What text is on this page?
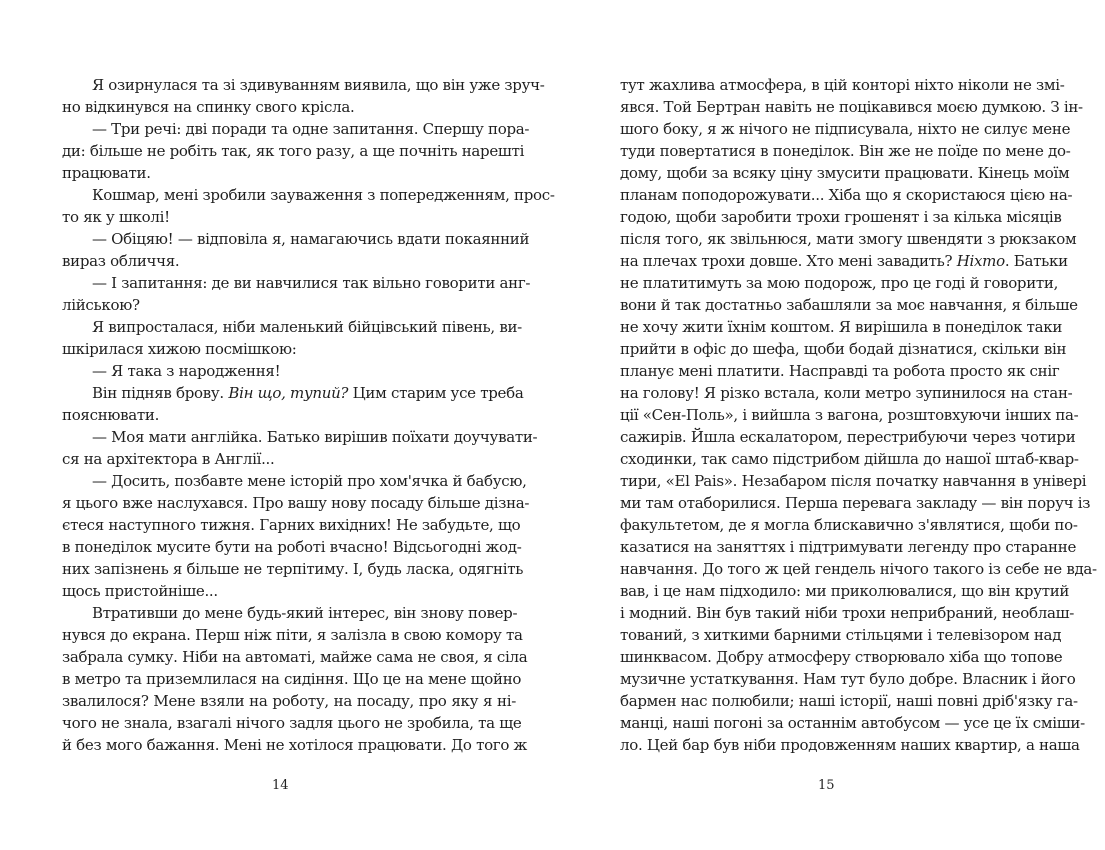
Я озирнулася та зі здивуванням виявила, що він уже зруч-
но відкинувся на спинку свого крісла.
— Три речі: дві поради та одне запитання. Спершу пора-
ди: більше не робіть так, як того разу, а ще почніть нарешті
працювати.
Кошмар, мені зробили зауваження з попередженням, прос-
то як у школі!
— Обіцяю! — відповіла я, намагаючись вдати покаянний
вираз обличчя.
— І запитання: де ви навчилися так вільно говорити анг-
лійською?
Я випросталася, ніби маленький бійцівський півень, ви-
шкірилася хижою посмішкою:
— Я така з народження!
Він підняв брову. Він що, тупий? Цим старим усе треба
пояснювати.
— Моя мати англійка. Батько вирішив поїхати доучувати-
ся на архітектора в Англії...
— Досить, позбавте мене історій про хом'ячка й бабусю,
я цього вже наслухався. Про вашу нову посаду більше дізна-
єтеся наступного тижня. Гарних вихідних! Не забудьте, що
в понеділок мусите бути на роботі вчасно! Відсьогодні жод-
них запізнень я більше не терпітиму. І, будь ласка, одягніть
щось пристойніше...
Втративши до мене будь-який інтерес, він знову повер-
нувся до екрана. Перш ніж піти, я залізла в свою комору та
забрала сумку. Ніби на автоматі, майже сама не своя, я сіла
в метро та приземлилася на сидіння. Що це на мене щойно
звалилося? Мене взяли на роботу, на посаду, про яку я ні-
чого не знала, взагалі нічого задля цього не зробила, та ще
й без мого бажання. Мені не хотілося працювати. До того ж
14
тут жахлива атмосфера, в цій конторі ніхто ніколи не змі-
явся. Той Бертран навіть не поцікавився моєю думкою. З ін-
шого боку, я ж нічого не підписувала, ніхто не силує мене
туди повертатися в понеділок. Він же не поїде по мене до-
дому, щоби за всяку ціну змусити працювати. Кінець моїм
планам поподорожувати... Хіба що я скористаюся цією на-
годою, щоби заробити трохи грошенят і за кілька місяців
після того, як звільнюся, мати змогу швендяти з рюкзаком
на плечах трохи довше. Хто мені завадить? Ніхто. Батьки
не платитимуть за мою подорож, про це годі й говорити,
вони й так достатньо забашляли за моє навчання, я більше
не хочу жити їхнім коштом. Я вирішила в понеділок таки
прийти в офіс до шефа, щоби бодай дізнатися, скільки він
планує мені платити. Насправді та робота просто як сніг
на голову! Я різко встала, коли метро зупинилося на стан-
ції «Сен-Поль», і вийшла з вагона, розштовхуючи інших па-
сажирів. Йшла ескалатором, перестрибуючи через чотири
сходинки, так само підстрибом дійшла до нашої штаб-квар-
тири, «El Pais». Незабаром після початку навчання в універі
ми там отаборилися. Перша перевага закладу — він поруч із
факультетом, де я могла блискавично з'являтися, щоби по-
казатися на заняттях і підтримувати легенду про старанне
навчання. До того ж цей гендель нічого такого із себе не вда-
вав, і це нам підходило: ми приколювалися, що він крутий
і модний. Він був такий ніби трохи неприбраний, необлаш-
тований, з хиткими барними стільцями і телевізором над
шинквасом. Добру атмосферу створювало хіба що топове
музичне устаткування. Нам тут було добре. Власник і його
бармен нас полюбили; наші історії, наші повні дріб'язку га-
манці, наші погоні за останнім автобусом — усе це їх сміши-
ло. Цей бар був ніби продовженням наших квартир, а наша
15
